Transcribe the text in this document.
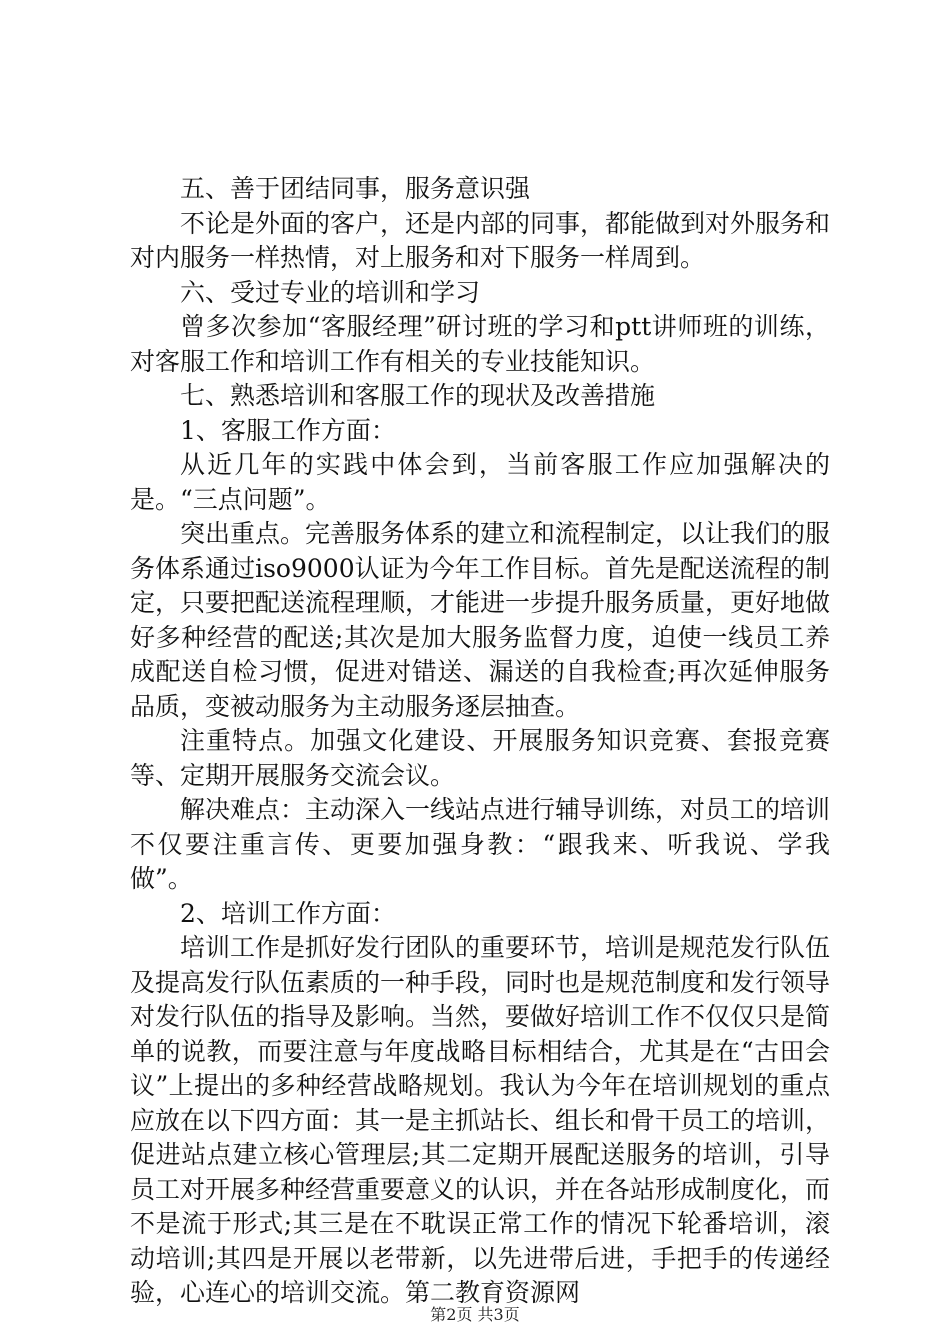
五、善于团结同事，服务意识强

不论是外面的客户，还是内部的同事，都能做到对外服务和对内服务一样热情，对上服务和对下服务一样周到。

六、受过专业的培训和学习

曾多次参加“客服经理”研讨班的学习和ptt讲师班的训练，对客服工作和培训工作有相关的专业技能知识。

七、熟悉培训和客服工作的现状及改善措施

1、客服工作方面：

从近几年的实践中体会到，当前客服工作应加强解决的是。“三点问题”。

突出重点。完善服务体系的建立和流程制定，以让我们的服务体系通过iso9000认证为今年工作目标。首先是配送流程的制定，只要把配送流程理顺，才能进一步提升服务质量，更好地做好多种经营的配送;其次是加大服务监督力度，迫使一线员工养成配送自检习惯，促进对错送、漏送的自我检查;再次延伸服务品质，变被动服务为主动服务逐层抽查。

注重特点。加强文化建设、开展服务知识竞赛、套报竞赛等、定期开展服务交流会议。

解决难点：主动深入一线站点进行辅导训练，对员工的培训不仅要注重言传、更要加强身教：“跟我来、听我说、学我做”。

2、培训工作方面：

培训工作是抓好发行团队的重要环节，培训是规范发行队伍及提高发行队伍素质的一种手段，同时也是规范制度和发行领导对发行队伍的指导及影响。当然，要做好培训工作不仅仅只是简单的说教，而要注意与年度战略目标相结合，尤其是在“古田会议”上提出的多种经营战略规划。我认为今年在培训规划的重点应放在以下四方面：其一是主抓站长、组长和骨干员工的培训，促进站点建立核心管理层;其二定期开展配送服务的培训，引导员工对开展多种经营重要意义的认识，并在各站形成制度化，而不是流于形式;其三是在不耽误正常工作的情况下轮番培训，滚动培训;其四是开展以老带新，以先进带后进，手把手的传递经验，心连心的培训交流。第二教育资源网

第2页 共3页
